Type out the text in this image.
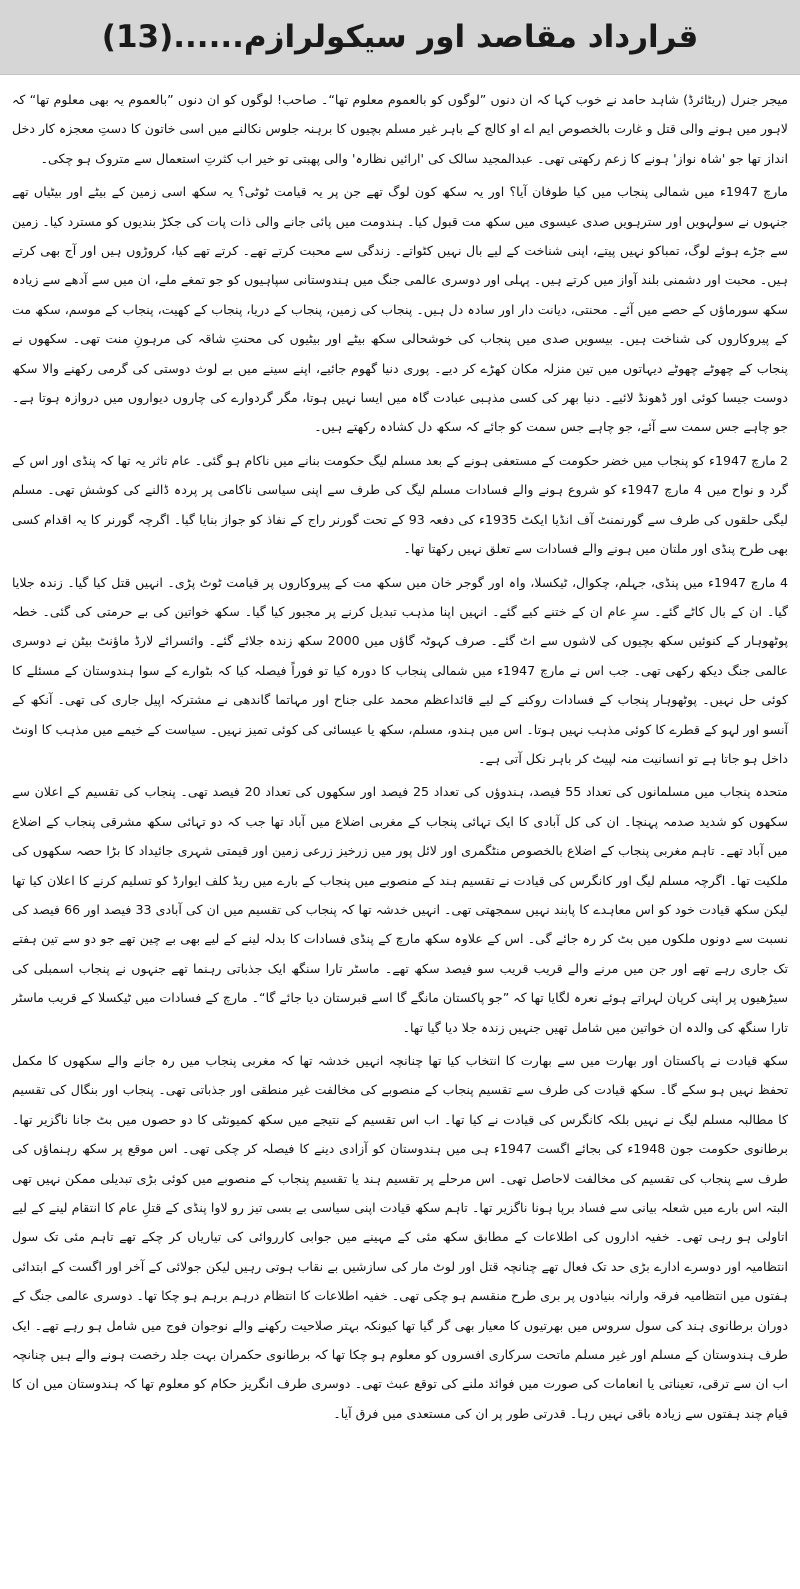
قرارداد مقاصد اور سیکولرازم......(13)

میجر جنرل (ریٹائرڈ) شاہد حامد نے خوب کہا کہ ان دنوں ”لوگوں کو بالعموم معلوم تھا“۔ صاحب! لوگوں کو ان دنوں ”بالعموم یہ بھی معلوم تھا“ کہ لاہور میں ہونے والی قتل و غارت بالخصوص ایم اے او کالج کے باہر غیر مسلم بچیوں کا برہنہ جلوس نکالنے میں اسی خاتون کا دستِ معجزہ کار دخل انداز تھا جو 'شاہ نواز' ہونے کا زعم رکھتی تھی۔ عبدالمجید سالک کی 'ارائیں نظارہ' والی پھبتی تو خیر اب کثرتِ استعمال سے متروک ہو چکی۔

مارچ 1947ء میں شمالی پنجاب میں کیا طوفان آیا؟ اور یہ سکھ کون لوگ تھے جن پر یہ قیامت ٹوٹی؟ یہ سکھ اسی زمین کے بیٹے اور بیٹیاں تھے جنہوں نے سولہویں اور سترہویں صدی عیسوی میں سکھ مت قبول کیا۔ ہندومت میں پائی جانے والی ذات پات کی جکڑ بندیوں کو مسترد کیا۔ زمین سے جڑے ہوئے لوگ، تمباکو نہیں پیتے، اپنی شناخت کے لیے بال نہیں کٹواتے۔ زندگی سے محبت کرتے تھے۔ کرتے تھے کیا، کروڑوں ہیں اور آج بھی کرتے ہیں۔ محبت اور دشمنی بلند آواز میں کرتے ہیں۔ پہلی اور دوسری عالمی جنگ میں ہندوستانی سپاہیوں کو جو تمغے ملے، ان میں سے آدھے سے زیادہ سکھ سورماؤں کے حصے میں آئے۔ محنتی، دیانت دار اور سادہ دل ہیں۔ پنجاب کی زمین، پنجاب کے دریا، پنجاب کے کھیت، پنجاب کے موسم، سکھ مت کے پیروکاروں کی شناخت ہیں۔ بیسویں صدی میں پنجاب کی خوشحالی سکھ بیٹے اور بیٹیوں کی محنتِ شاقہ کی مرہونِ منت تھی۔ سکھوں نے پنجاب کے چھوٹے چھوٹے دیہاتوں میں تین منزلہ مکان کھڑے کر دیے۔ پوری دنیا گھوم جائیے، اپنے سینے میں بے لوث دوستی کی گرمی رکھنے والا سکھ دوست جیسا کوئی اور ڈھونڈ لائیے۔ دنیا بھر کی کسی مذہبی عبادت گاہ میں ایسا نہیں ہوتا، مگر گردوارے کی چاروں دیواروں میں دروازہ ہوتا ہے۔ جو چاہے جس سمت سے آئے، جو چاہے جس سمت کو جائے کہ سکھ دل کشادہ رکھتے ہیں۔

2 مارچ 1947ء کو پنجاب میں خضر حکومت کے مستعفی ہونے کے بعد مسلم لیگ حکومت بنانے میں ناکام ہو گئی۔ عام تاثر یہ تھا کہ پنڈی اور اس کے گرد و نواح میں 4 مارچ 1947ء کو شروع ہونے والے فسادات مسلم لیگ کی طرف سے اپنی سیاسی ناکامی پر پردہ ڈالنے کی کوشش تھی۔ مسلم لیگی حلقوں کی طرف سے گورنمنٹ آف انڈیا ایکٹ 1935ء کی دفعہ 93 کے تحت گورنر راج کے نفاذ کو جواز بنایا گیا۔ اگرچہ گورنر کا یہ اقدام کسی بھی طرح پنڈی اور ملتان میں ہونے والے فسادات سے تعلق نہیں رکھتا تھا۔

4 مارچ 1947ء میں پنڈی، جہلم، چکوال، ٹیکسلا، واہ اور گوجر خان میں سکھ مت کے پیروکاروں پر قیامت ٹوٹ پڑی۔ انہیں قتل کیا گیا۔ زندہ جلایا گیا۔ ان کے بال کاٹے گئے۔ سرِ عام ان کے ختنے کیے گئے۔ انہیں اپنا مذہب تبدیل کرنے پر مجبور کیا گیا۔ سکھ خواتین کی بے حرمتی کی گئی۔ خطہ پوٹھوہار کے کنوئیں سکھ بچیوں کی لاشوں سے اٹ گئے۔ صرف کہوٹہ گاؤں میں 2000 سکھ زندہ جلائے گئے۔ وائسرائے لارڈ ماؤنٹ بیٹن نے دوسری عالمی جنگ دیکھ رکھی تھی۔ جب اس نے مارچ 1947ء میں شمالی پنجاب کا دورہ کیا تو فوراً فیصلہ کیا کہ بٹوارے کے سوا ہندوستان کے مسئلے کا کوئی حل نہیں۔ پوٹھوہار پنجاب کے فسادات روکنے کے لیے قائداعظم محمد علی جناح اور مہاتما گاندھی نے مشترکہ اپیل جاری کی تھی۔ آنکھ کے آنسو اور لہو کے قطرے کا کوئی مذہب نہیں ہوتا۔ اس میں ہندو، مسلم، سکھ یا عیسائی کی کوئی تمیز نہیں۔ سیاست کے خیمے میں مذہب کا اونٹ داخل ہو جاتا ہے تو انسانیت منہ لپیٹ کر باہر نکل آتی ہے۔

متحدہ پنجاب میں مسلمانوں کی تعداد 55 فیصد، ہندوؤں کی تعداد 25 فیصد اور سکھوں کی تعداد 20 فیصد تھی۔ پنجاب کی تقسیم کے اعلان سے سکھوں کو شدید صدمہ پہنچا۔ ان کی کل آبادی کا ایک تہائی پنجاب کے مغربی اضلاع میں آباد تھا جب کہ دو تہائی سکھ مشرقی پنجاب کے اضلاع میں آباد تھے۔ تاہم مغربی پنجاب کے اضلاع بالخصوص منٹگمری اور لائل پور میں زرخیز زرعی زمین اور قیمتی شہری جائیداد کا بڑا حصہ سکھوں کی ملکیت تھا۔ اگرچہ مسلم لیگ اور کانگرس کی قیادت نے تقسیم ہند کے منصوبے میں پنجاب کے بارے میں ریڈ کلف ایوارڈ کو تسلیم کرنے کا اعلان کیا تھا لیکن سکھ قیادت خود کو اس معاہدے کا پابند نہیں سمجھتی تھی۔ انہیں خدشہ تھا کہ پنجاب کی تقسیم میں ان کی آبادی 33 فیصد اور 66 فیصد کی نسبت سے دونوں ملکوں میں بٹ کر رہ جائے گی۔ اس کے علاوہ سکھ مارچ کے پنڈی فسادات کا بدلہ لینے کے لیے بھی بے چین تھے جو دو سے تین ہفتے تک جاری رہے تھے اور جن میں مرنے والے قریب قریب سو فیصد سکھ تھے۔ ماسٹر تارا سنگھ ایک جذباتی رہنما تھے جنہوں نے پنجاب اسمبلی کی سیڑھیوں پر اپنی کرپان لہراتے ہوئے نعرہ لگایا تھا کہ ”جو پاکستان مانگے گا اسے قبرستان دیا جائے گا“۔ مارچ کے فسادات میں ٹیکسلا کے قریب ماسٹر تارا سنگھ کی والدہ ان خواتین میں شامل تھیں جنہیں زندہ جلا دیا گیا تھا۔

سکھ قیادت نے پاکستان اور بھارت میں سے بھارت کا انتخاب کیا تھا چنانچہ انہیں خدشہ تھا کہ مغربی پنجاب میں رہ جانے والے سکھوں کا مکمل تحفظ نہیں ہو سکے گا۔ سکھ قیادت کی طرف سے تقسیم پنجاب کے منصوبے کی مخالفت غیر منطقی اور جذباتی تھی۔ پنجاب اور بنگال کی تقسیم کا مطالبہ مسلم لیگ نے نہیں بلکہ کانگرس کی قیادت نے کیا تھا۔ اب اس تقسیم کے نتیجے میں سکھ کمیونٹی کا دو حصوں میں بٹ جانا ناگزیر تھا۔ برطانوی حکومت جون 1948ء کی بجائے اگست 1947ء ہی میں ہندوستان کو آزادی دینے کا فیصلہ کر چکی تھی۔ اس موقع پر سکھ رہنماؤں کی طرف سے پنجاب کی تقسیم کی مخالفت لاحاصل تھی۔ اس مرحلے پر تقسیم ہند یا تقسیم پنجاب کے منصوبے میں کوئی بڑی تبدیلی ممکن نہیں تھی البتہ اس بارے میں شعلہ بیانی سے فساد برپا ہونا ناگزیر تھا۔ تاہم سکھ قیادت اپنی سیاسی بے بسی تیز رو لاوا پنڈی کے قتلِ عام کا انتقام لینے کے لیے اتاولی ہو رہی تھی۔ خفیہ اداروں کی اطلاعات کے مطابق سکھ مئی کے مہینے میں جوابی کارروائی کی تیاریاں کر چکے تھے تاہم مئی تک سول انتظامیہ اور دوسرے ادارے بڑی حد تک فعال تھے چنانچہ قتل اور لوٹ مار کی سازشیں بے نقاب ہوتی رہیں لیکن جولائی کے آخر اور اگست کے ابتدائی ہفتوں میں انتظامیہ فرقہ وارانہ بنیادوں پر بری طرح منقسم ہو چکی تھی۔ خفیہ اطلاعات کا انتظام درہم برہم ہو چکا تھا۔ دوسری عالمی جنگ کے دوران برطانوی ہند کی سول سروس میں بھرتیوں کا معیار بھی گر گیا تھا کیونکہ بہتر صلاحیت رکھنے والے نوجوان فوج میں شامل ہو رہے تھے۔ ایک طرف ہندوستان کے مسلم اور غیر مسلم ماتحت سرکاری افسروں کو معلوم ہو چکا تھا کہ برطانوی حکمران بہت جلد رخصت ہونے والے ہیں چنانچہ اب ان سے ترقی، تعیناتی یا انعامات کی صورت میں فوائد ملنے کی توقع عبث تھی۔ دوسری طرف انگریز حکام کو معلوم تھا کہ ہندوستان میں ان کا قیام چند ہفتوں سے زیادہ باقی نہیں رہا۔ قدرتی طور پر ان کی مستعدی میں فرق آیا۔
